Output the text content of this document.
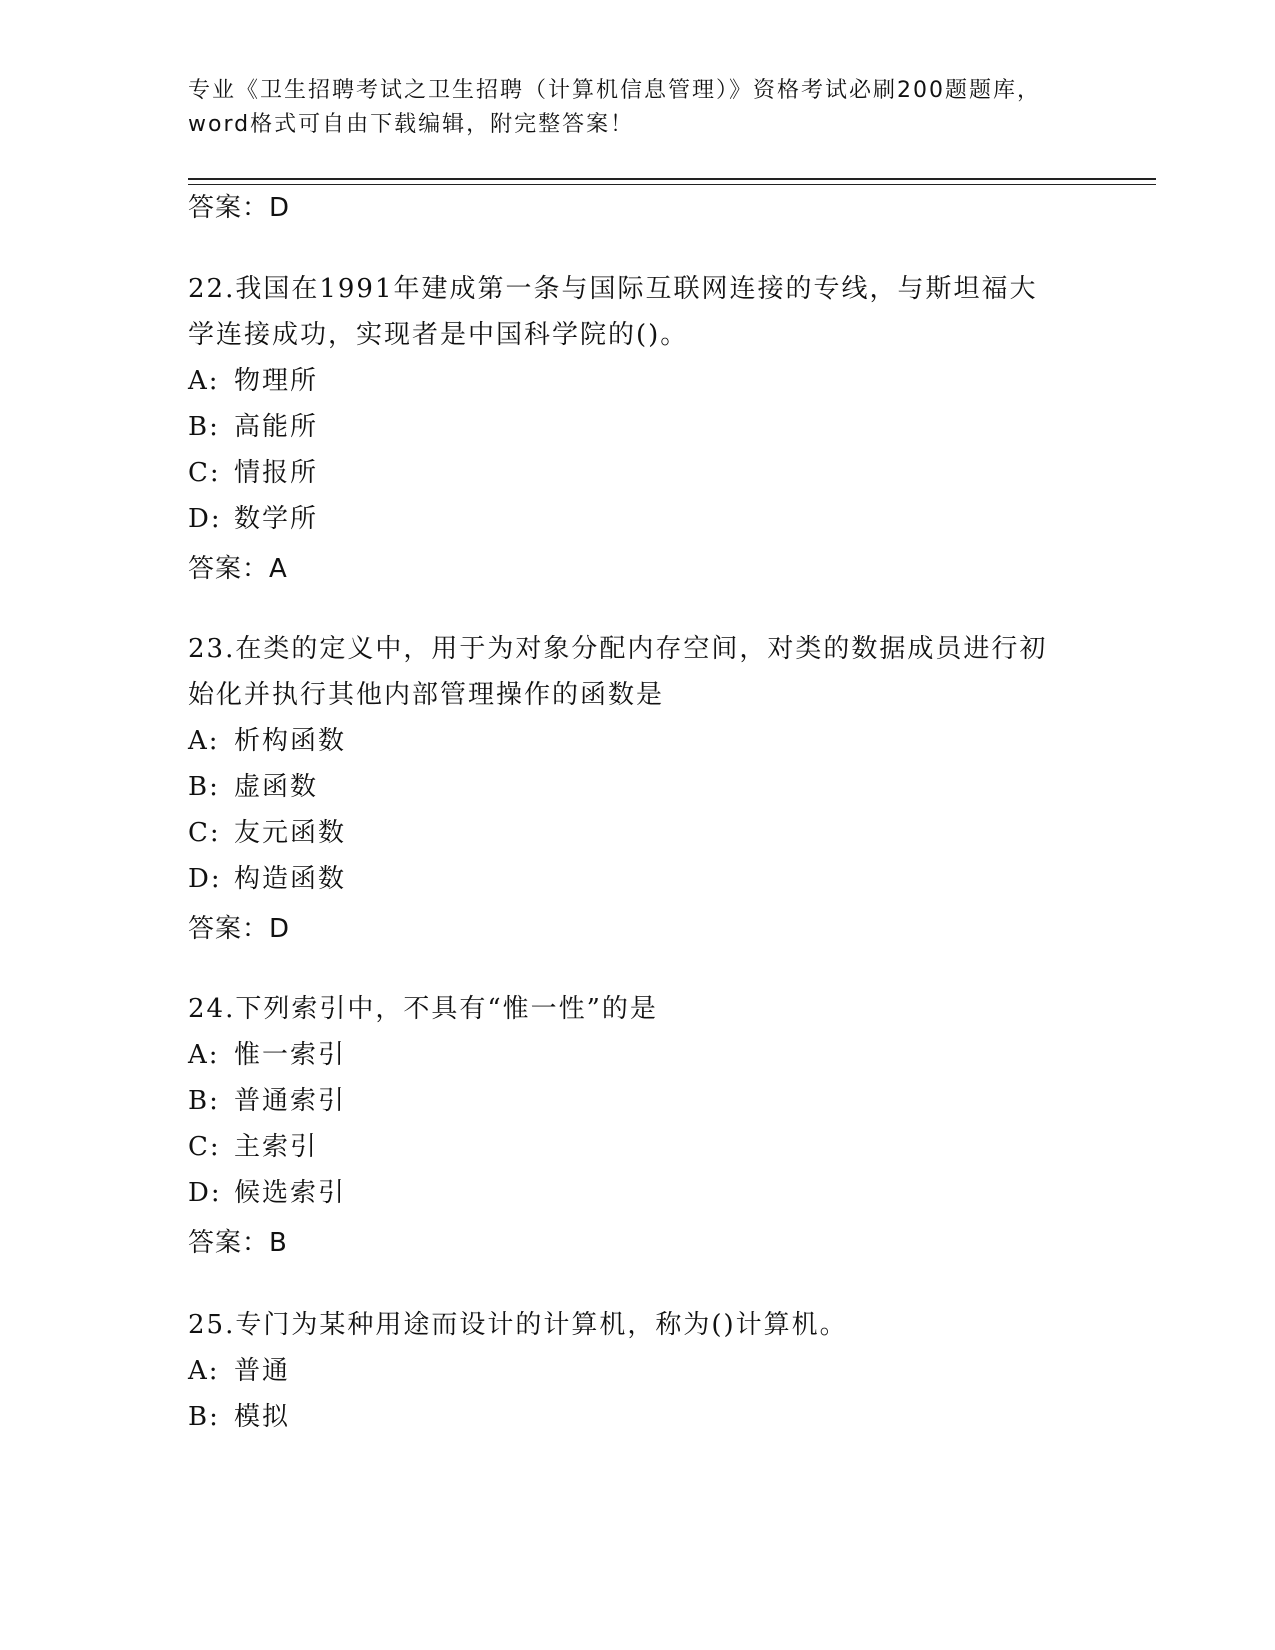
专业《卫生招聘考试之卫生招聘（计算机信息管理）》资格考试必刷200题题库，
word格式可自由下载编辑，附完整答案！
答案：D
22.我国在1991年建成第一条与国际互联网连接的专线，与斯坦福大
学连接成功，实现者是中国科学院的()。
A: 物理所
B: 高能所
C: 情报所
D: 数学所
答案：A
23.在类的定义中，用于为对象分配内存空间，对类的数据成员进行初
始化并执行其他内部管理操作的函数是
A: 析构函数
B: 虚函数
C: 友元函数
D: 构造函数
答案：D
24.下列索引中，不具有“惟一性”的是
A: 惟一索引
B: 普通索引
C: 主索引
D: 候选索引
答案：B
25.专门为某种用途而设计的计算机，称为()计算机。
A: 普通
B: 模拟
